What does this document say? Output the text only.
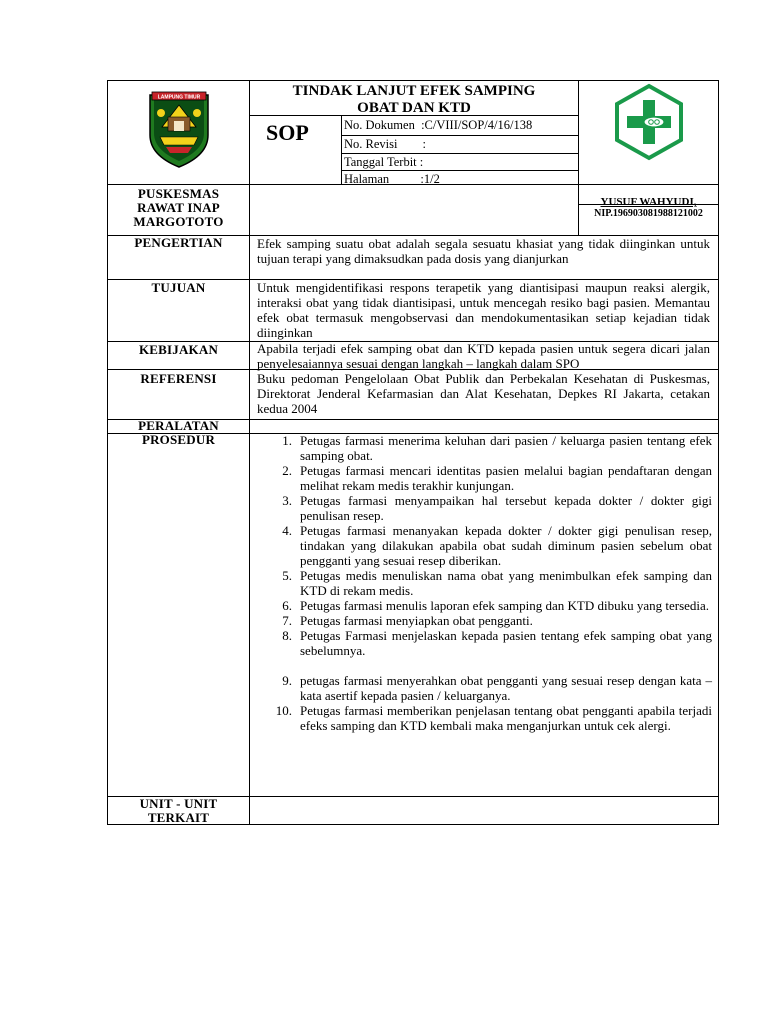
LAMPUNG TIMUR	TINDAK LANJUT EFEK SAMPING
OBAT DAN KTD
SOP	No. Dokumen  :C/VIII/SOP/4/16/138
No. Revisi        :
Tanggal Terbit :
Halaman          :1/2
PUSKESMAS
RAWAT INAP
MARGOTOTO
YUSUF WAHYUDI,
NIP.196903081988121002
PENGERTIAN	Efek samping suatu obat adalah segala sesuatu khasiat yang tidak diinginkan untuk tujuan terapi yang dimaksudkan pada dosis yang dianjurkan
TUJUAN	Untuk mengidentifikasi respons terapetik yang diantisipasi maupun reaksi alergik, interaksi obat yang tidak diantisipasi, untuk mencegah resiko bagi pasien. Memantau efek obat termasuk mengobservasi dan mendokumentasikan setiap kejadian tidak diinginkan
KEBIJAKAN	Apabila terjadi efek samping obat dan KTD kepada pasien untuk segera dicari jalan penyelesaiannya sesuai dengan langkah – langkah dalam SPO
REFERENSI	Buku pedoman Pengelolaan Obat Publik dan Perbekalan Kesehatan di Puskesmas, Direktorat Jenderal Kefarmasian dan Alat Kesehatan, Depkes RI Jakarta, cetakan kedua 2004
PERALATAN
PROSEDUR	1. Petugas farmasi menerima keluhan dari pasien / keluarga pasien tentang efek samping obat.
2. Petugas farmasi mencari identitas pasien melalui bagian pendaftaran dengan melihat rekam medis terakhir kunjungan.
3. Petugas farmasi menyampaikan hal tersebut kepada dokter / dokter gigi penulisan resep.
4. Petugas farmasi menanyakan kepada dokter / dokter gigi penulisan resep, tindakan yang dilakukan apabila obat sudah diminum pasien sebelum obat pengganti yang sesuai resep diberikan.
5. Petugas medis menuliskan nama obat yang menimbulkan efek samping dan KTD di rekam medis.
6. Petugas farmasi menulis laporan efek samping dan KTD dibuku yang tersedia.
7. Petugas farmasi menyiapkan obat pengganti.
8. Petugas Farmasi menjelaskan kepada pasien tentang efek samping obat yang sebelumnya.
9. petugas farmasi menyerahkan obat pengganti yang sesuai resep dengan kata – kata asertif kepada pasien / keluarganya.
10. Petugas farmasi memberikan penjelasan tentang obat pengganti apabila terjadi efeks samping dan KTD kembali maka menganjurkan untuk cek alergi.
UNIT - UNIT
TERKAIT
